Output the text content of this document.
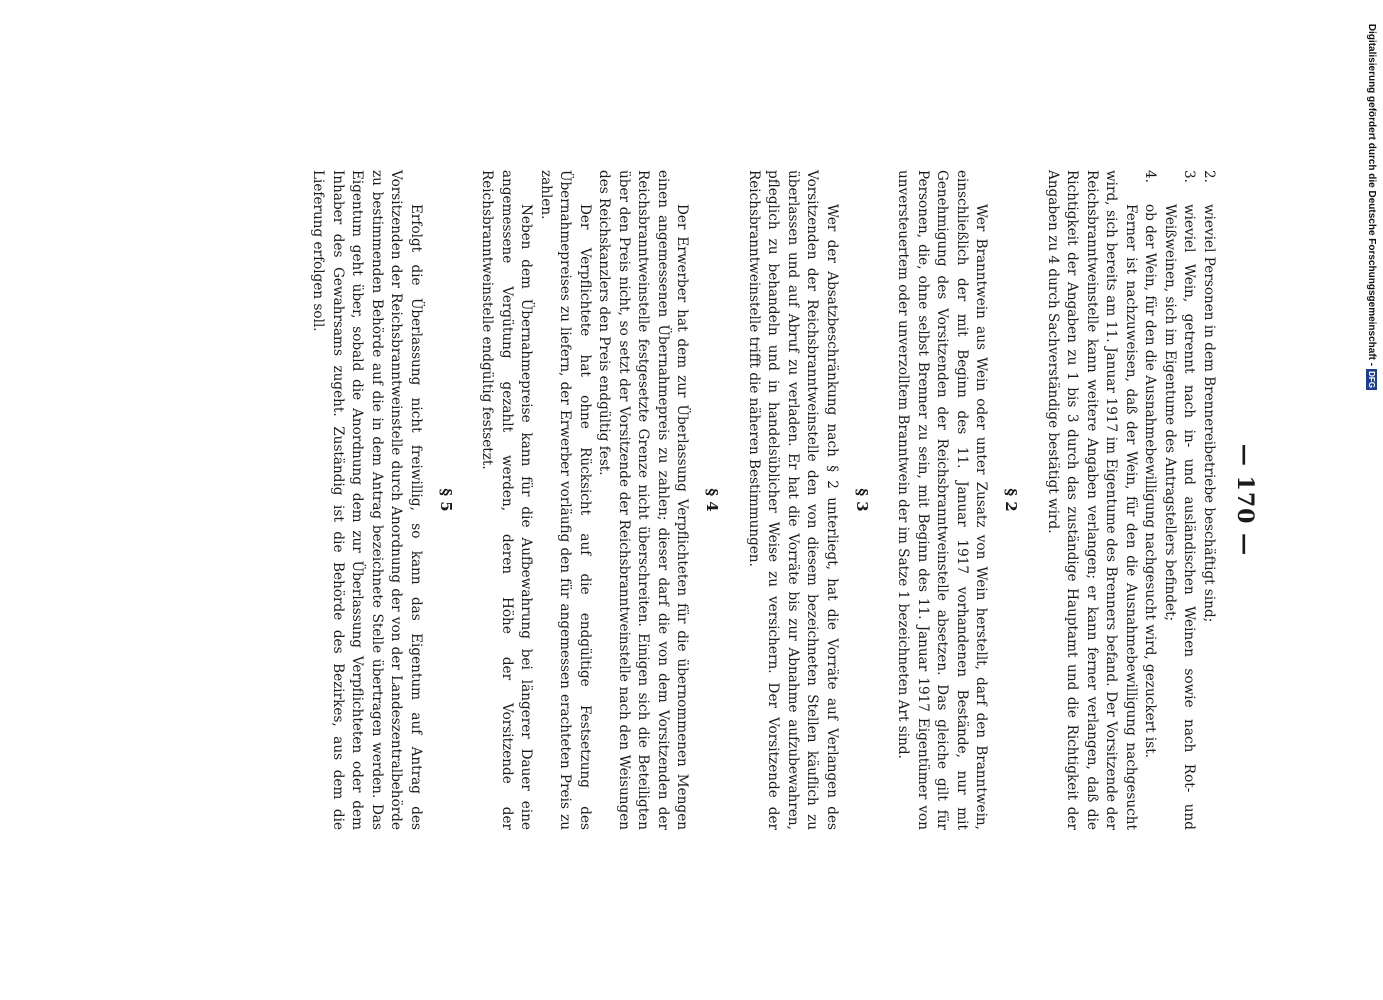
— 170 —
2.
wieviel Personen in dem Brennereibetriebe beschäftigt sind;
3.
wieviel Wein, getrennt nach in- und ausländischen Weinen sowie nach Rot- und Weißweinen, sich im Eigentume des Antragstellers befindet;
4.
ob der Wein, für den die Ausnahmebewilligung nachgesucht wird, gezuckert ist.

Ferner ist nachzuweisen, daß der Wein, für den die Ausnahmebewilligung nachgesucht wird, sich bereits am 11. Januar 1917 im Eigentume des Brenners befand. Der Vorsitzende der Reichsbranntweinstelle kann weitere Angaben verlangen; er kann ferner verlangen, daß die Richtigkeit der Angaben zu 1 bis 3 durch das zuständige Hauptamt und die Richtigkeit der Angaben zu 4 durch Sachverständige bestätigt wird.

§ 2

Wer Branntwein aus Wein oder unter Zusatz von Wein herstellt, darf den Branntwein, einschließlich der mit Beginn des 11. Januar 1917 vorhandenen Bestände, nur mit Genehmigung des Vorsitzenden der Reichsbranntweinstelle absetzen. Das gleiche gilt für Personen, die, ohne selbst Brenner zu sein, mit Beginn des 11. Januar 1917 Eigentümer von unversteuertem oder unverzolltem Branntwein der im Satze 1 bezeichneten Art sind.

§ 3

Wer der Absatzbeschränkung nach § 2 unterliegt, hat die Vorräte auf Verlangen des Vorsitzenden der Reichsbranntweinstelle den von diesem bezeichneten Stellen käuflich zu überlassen und auf Abruf zu verladen. Er hat die Vorräte bis zur Abnahme aufzubewahren, pfleglich zu behandeln und in handelsüblicher Weise zu versichern. Der Vorsitzende der Reichsbranntweinstelle trifft die näheren Bestimmungen.

§ 4

Der Erwerber hat dem zur Überlassung Verpflichteten für die übernommenen Mengen einen angemessenen Übernahmepreis zu zahlen; dieser darf die von dem Vorsitzenden der Reichsbranntweinstelle festgesetzte Grenze nicht überschreiten. Einigen sich die Beteiligten über den Preis nicht, so setzt der Vorsitzende der Reichsbranntweinstelle nach den Weisungen des Reichskanzlers den Preis endgültig fest.

Der Verpflichtete hat ohne Rücksicht auf die endgültige Festsetzung des Übernahmepreises zu liefern, der Erwerber vorläufig den für angemessen erachteten Preis zu zahlen.

Neben dem Übernahmepreise kann für die Aufbewahrung bei längerer Dauer eine angemessene Vergütung gezahlt werden, deren Höhe der Vorsitzende der Reichsbranntweinstelle endgültig festsetzt.

§ 5

Erfolgt die Überlassung nicht freiwillig, so kann das Eigentum auf Antrag des Vorsitzenden der Reichsbranntweinstelle durch Anordnung der von der Landeszentralbehörde zu bestimmenden Behörde auf die in dem Antrag bezeichnete Stelle übertragen werden. Das Eigentum geht über, sobald die Anordnung dem zur Überlassung Verpflichteten oder dem Inhaber des Gewahrsams zugeht. Zuständig ist die Behörde des Bezirkes, aus dem die Lieferung erfolgen soll.	Digitalisierung gefördert durch die Deutsche Forschungsgemeinschaft -DFG
